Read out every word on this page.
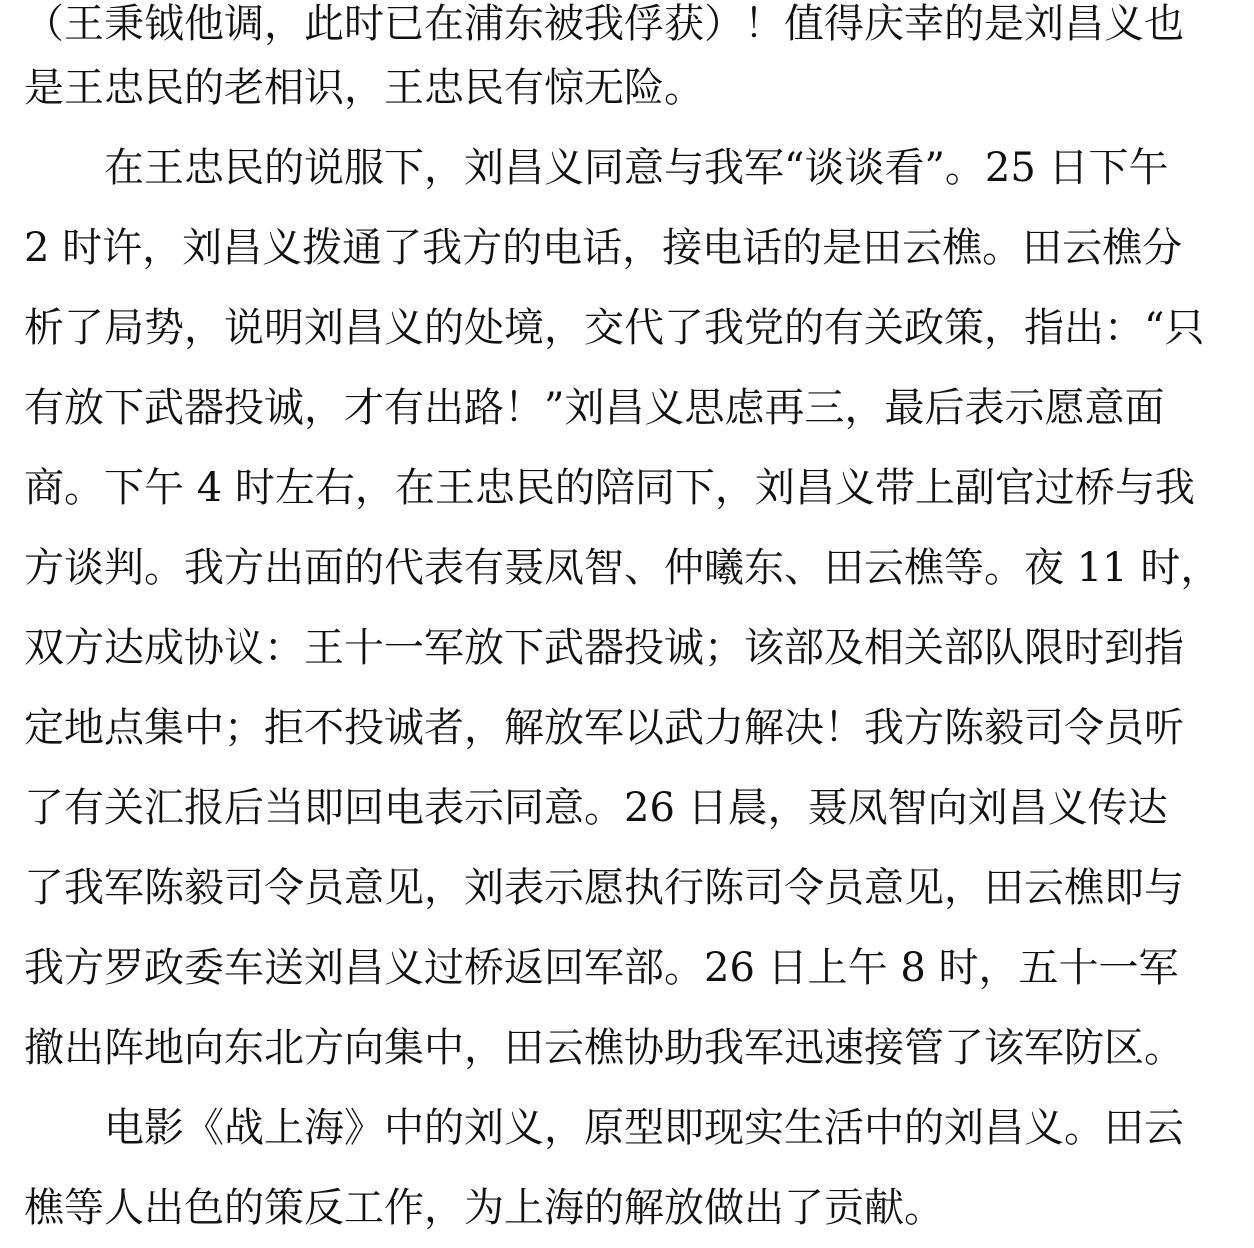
（王秉钺他调，此时已在浦东被我俘获）！值得庆幸的是刘昌义也
是王忠民的老相识，王忠民有惊无险。
　　在王忠民的说服下，刘昌义同意与我军“谈谈看”。25 日下午
2 时许，刘昌义拨通了我方的电话，接电话的是田云樵。田云樵分
析了局势，说明刘昌义的处境，交代了我党的有关政策，指出：“只
有放下武器投诚，才有出路！”刘昌义思虑再三，最后表示愿意面
商。下午 4 时左右，在王忠民的陪同下，刘昌义带上副官过桥与我
方谈判。我方出面的代表有聂凤智、仲曦东、田云樵等。夜 11 时，
双方达成协议：王十一军放下武器投诚；该部及相关部队限时到指
定地点集中；拒不投诚者，解放军以武力解决！我方陈毅司令员听
了有关汇报后当即回电表示同意。26 日晨，聂凤智向刘昌义传达
了我军陈毅司令员意见，刘表示愿执行陈司令员意见，田云樵即与
我方罗政委车送刘昌义过桥返回军部。26 日上午 8 时，五十一军
撤出阵地向东北方向集中，田云樵协助我军迅速接管了该军防区。
　　电影《战上海》中的刘义，原型即现实生活中的刘昌义。田云
樵等人出色的策反工作，为上海的解放做出了贡献。
